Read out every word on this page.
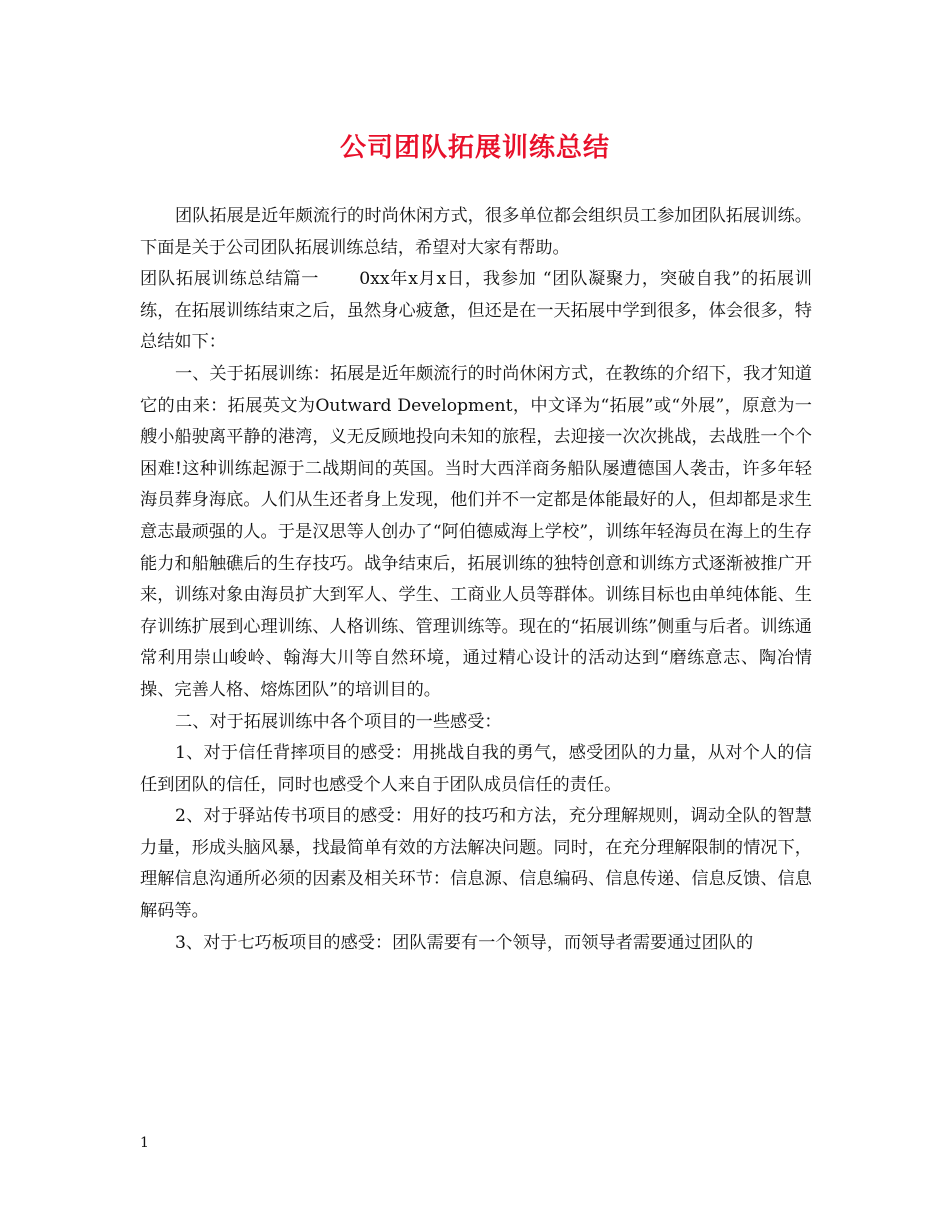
公司团队拓展训练总结

团队拓展是近年颇流行的时尚休闲方式，很多单位都会组织员工参加团队拓展训练。下面是关于公司团队拓展训练总结，希望对大家有帮助。

团队拓展训练总结篇一 0xx年x月x日，我参加 “团队凝聚力，突破自我”的拓展训练，在拓展训练结束之后，虽然身心疲惫，但还是在一天拓展中学到很多，体会很多，特总结如下：

一、关于拓展训练：拓展是近年颇流行的时尚休闲方式，在教练的介绍下，我才知道它的由来：拓展英文为Outward Development，中文译为“拓展”或“外展”，原意为一艘小船驶离平静的港湾，义无反顾地投向未知的旅程，去迎接一次次挑战，去战胜一个个困难!这种训练起源于二战期间的英国。当时大西洋商务船队屡遭德国人袭击，许多年轻海员葬身海底。人们从生还者身上发现，他们并不一定都是体能最好的人，但却都是求生意志最顽强的人。于是汉思等人创办了“阿伯德威海上学校”，训练年轻海员在海上的生存能力和船触礁后的生存技巧。战争结束后，拓展训练的独特创意和训练方式逐渐被推广开来，训练对象由海员扩大到军人、学生、工商业人员等群体。训练目标也由单纯体能、生存训练扩展到心理训练、人格训练、管理训练等。现在的“拓展训练”侧重与后者。训练通常利用崇山峻岭、翰海大川等自然环境，通过精心设计的活动达到“磨练意志、陶冶情操、完善人格、熔炼团队”的培训目的。

二、对于拓展训练中各个项目的一些感受：

1、对于信任背摔项目的感受：用挑战自我的勇气，感受团队的力量，从对个人的信任到团队的信任，同时也感受个人来自于团队成员信任的责任。

2、对于驿站传书项目的感受：用好的技巧和方法，充分理解规则，调动全队的智慧力量，形成头脑风暴，找最简单有效的方法解决问题。同时，在充分理解限制的情况下，理解信息沟通所必须的因素及相关环节：信息源、信息编码、信息传递、信息反馈、信息解码等。

3、对于七巧板项目的感受：团队需要有一个领导，而领导者需要通过团队的

1
